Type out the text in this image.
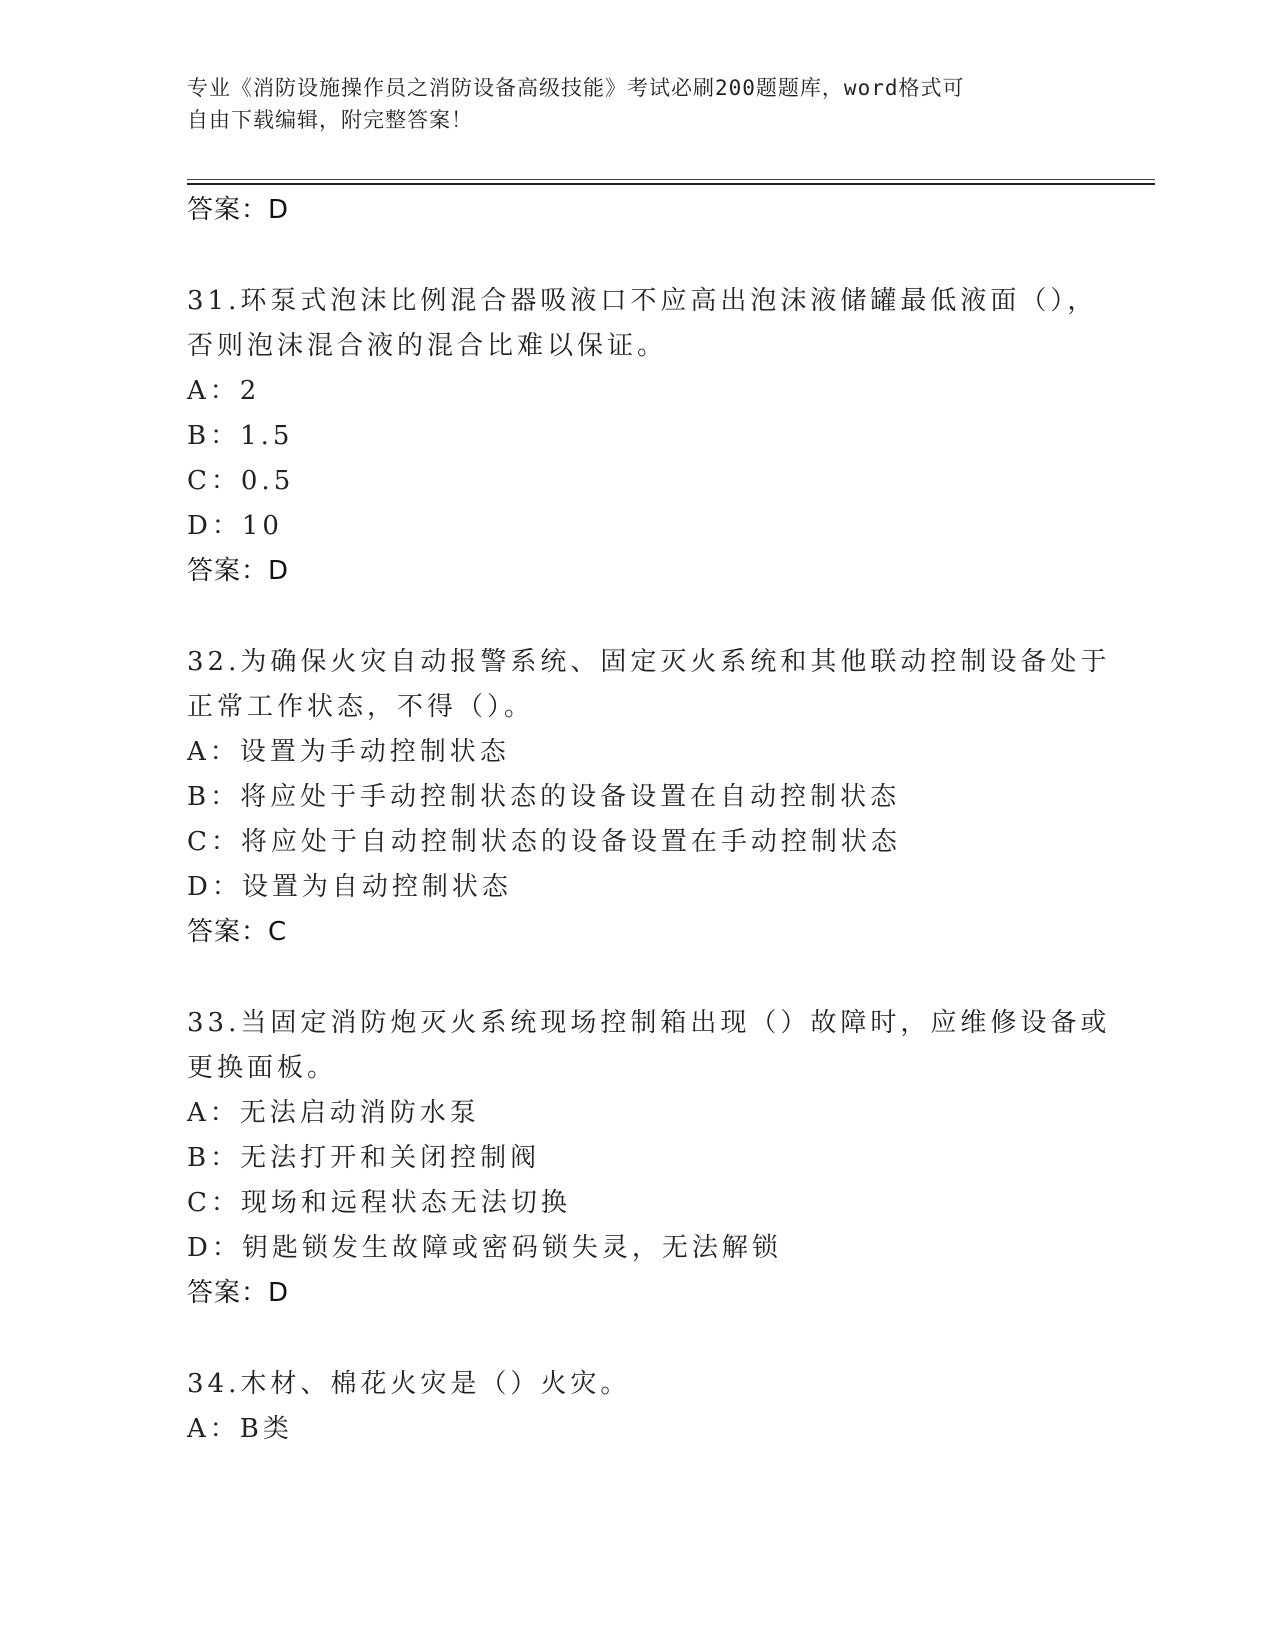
专业《消防设施操作员之消防设备高级技能》考试必刷200题题库，word格式可
自由下载编辑，附完整答案！
答案：D
31.环泵式泡沫比例混合器吸液口不应高出泡沫液储罐最低液面（），
否则泡沫混合液的混合比难以保证。
A：2
B：1.5
C：0.5
D：10
答案：D
32.为确保火灾自动报警系统、固定灭火系统和其他联动控制设备处于
正常工作状态，不得（）。
A：设置为手动控制状态
B：将应处于手动控制状态的设备设置在自动控制状态
C：将应处于自动控制状态的设备设置在手动控制状态
D：设置为自动控制状态
答案：C
33.当固定消防炮灭火系统现场控制箱出现（）故障时，应维修设备或
更换面板。
A：无法启动消防水泵
B：无法打开和关闭控制阀
C：现场和远程状态无法切换
D：钥匙锁发生故障或密码锁失灵，无法解锁
答案：D
34.木材、棉花火灾是（）火灾。
A：B类
